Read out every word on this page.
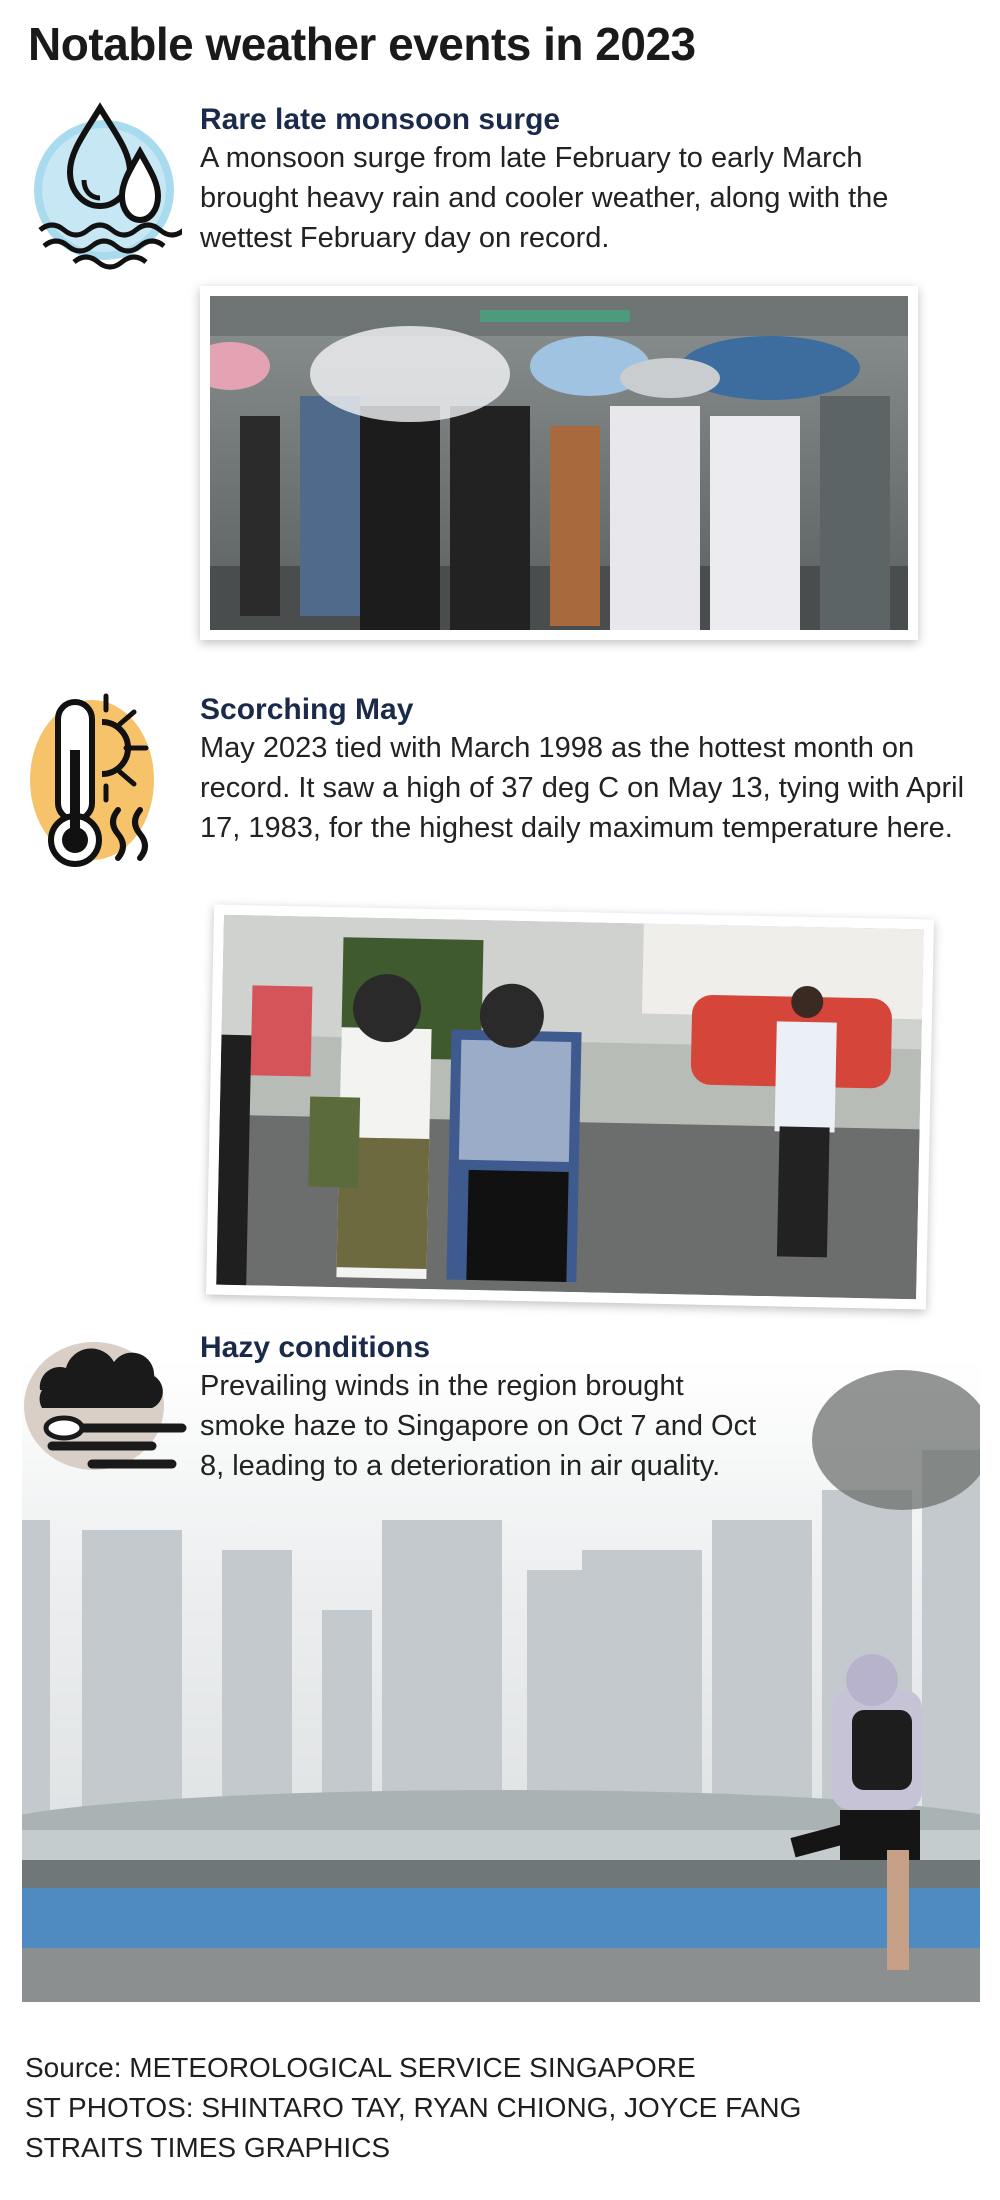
Notable weather events in 2023
Rare late monsoon surge

A monsoon surge from late February to early March brought heavy rain and cooler weather, along with the wettest February day on record.

Scorching May

May 2023 tied with March 1998 as the hottest month on record. It saw a high of 37 deg C on May 13, tying with April 17, 1983, for the highest daily maximum temperature here.

Hazy conditions

Prevailing winds in the region brought smoke haze to Singapore on Oct 7 and Oct 8, leading to a deterioration in air quality.

Source: METEOROLOGICAL SERVICE SINGAPORE

ST PHOTOS: SHINTARO TAY, RYAN CHIONG, JOYCE FANG

STRAITS TIMES GRAPHICS
